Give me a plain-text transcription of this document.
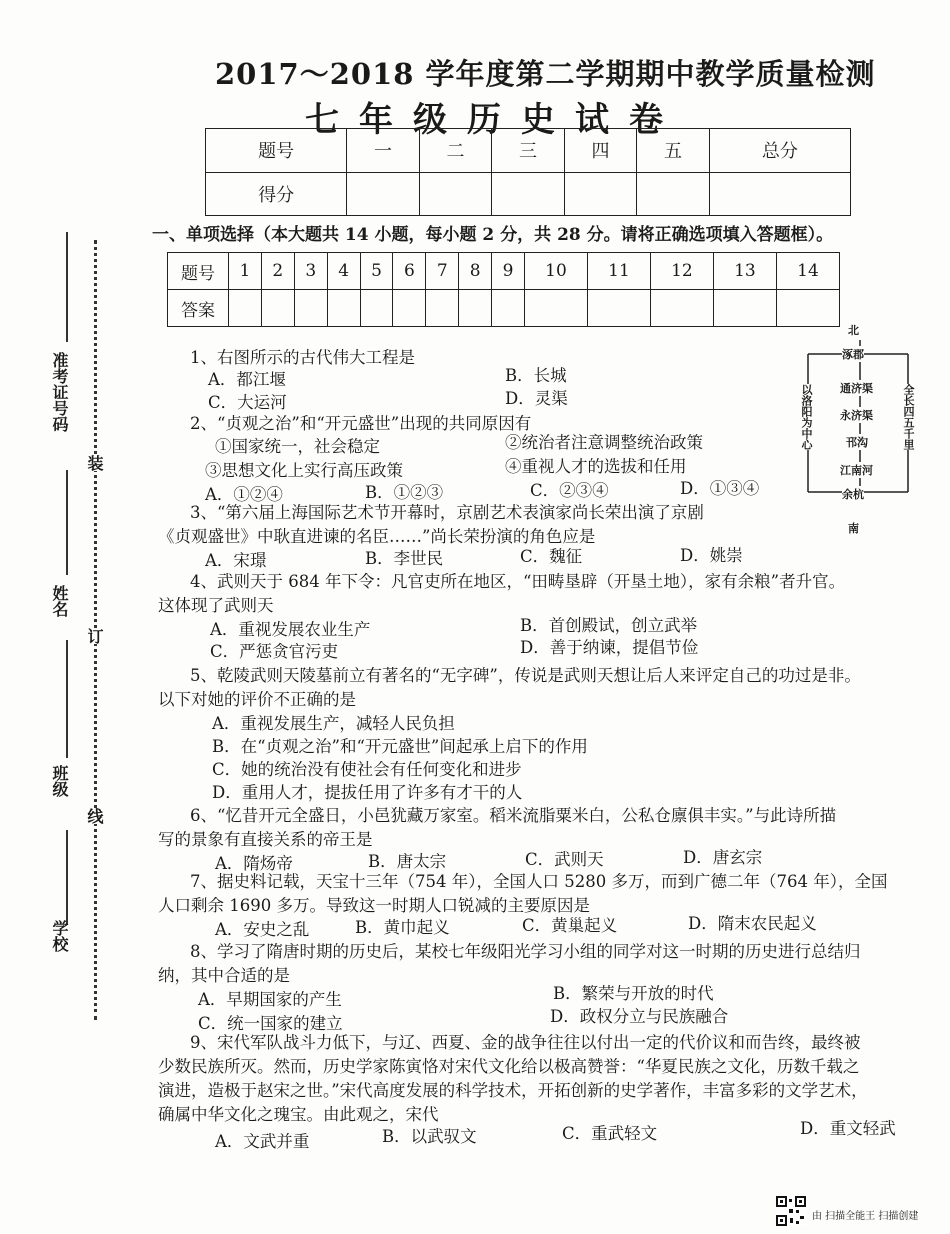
2017～2018 学年度第二学期期中教学质量检测
七年级历史试卷
题号	一	二	三	四	五	总分
得分						
一、单项选择（本大题共 14 小题，每小题 2 分，共 28 分。请将正确选项填入答题框）。
题号	1	2	3	4	5	6	7	8	9	10	11	12	13	14
答案														
准考证号码
姓名
班级
学校
装
订
线
北
涿郡
通济渠
永济渠
邗沟
江南河
余杭
南
以洛阳为中心	全长四五千里
1、右图所示的古代伟大工程是
A．都江堰	B．长城
C．大运河	D．灵渠
2、“贞观之治”和“开元盛世”出现的共同原因有
①国家统一，社会稳定	②统治者注意调整统治政策
③思想文化上实行高压政策	④重视人才的选拔和任用
A．①②④	B．①②③	C．②③④	D．①③④
3、“第六届上海国际艺术节开幕时，京剧艺术表演家尚长荣出演了京剧
《贞观盛世》中耿直进谏的名臣……”尚长荣扮演的角色应是
A．宋璟	B．李世民	C．魏征	D．姚崇
4、武则天于 684 年下令：凡官吏所在地区，“田畴垦辟（开垦土地），家有余粮”者升官。
这体现了武则天
A．重视发展农业生产	B．首创殿试，创立武举
C．严惩贪官污吏	D．善于纳谏，提倡节俭
5、乾陵武则天陵墓前立有著名的“无字碑”，传说是武则天想让后人来评定自己的功过是非。
以下对她的评价不正确的是
A．重视发展生产，减轻人民负担
B．在“贞观之治”和“开元盛世”间起承上启下的作用
C．她的统治没有使社会有任何变化和进步
D．重用人才，提拔任用了许多有才干的人
6、“忆昔开元全盛日，小邑犹藏万家室。稻米流脂粟米白，公私仓廪俱丰实。”与此诗所描
写的景象有直接关系的帝王是
A．隋炀帝	B．唐太宗	C．武则天	D．唐玄宗
7、据史料记载，天宝十三年（754 年），全国人口 5280 多万，而到广德二年（764 年），全国
人口剩余 1690 多万。导致这一时期人口锐减的主要原因是
A．安史之乱	B．黄巾起义	C．黄巢起义	D．隋末农民起义
8、学习了隋唐时期的历史后，某校七年级阳光学习小组的同学对这一时期的历史进行总结归
纳，其中合适的是
A．早期国家的产生	B．繁荣与开放的时代
C．统一国家的建立	D．政权分立与民族融合
9、宋代军队战斗力低下，与辽、西夏、金的战争往往以付出一定的代价议和而告终，最终被
少数民族所灭。然而，历史学家陈寅恪对宋代文化给以极高赞誉：“华夏民族之文化，历数千载之
演进，造极于赵宋之世。”宋代高度发展的科学技术，开拓创新的史学著作，丰富多彩的文学艺术，
确属中华文化之瑰宝。由此观之，宋代
A．文武并重	B．以武驭文	C．重武轻文	D．重文轻武
由 扫描全能王 扫描创建
